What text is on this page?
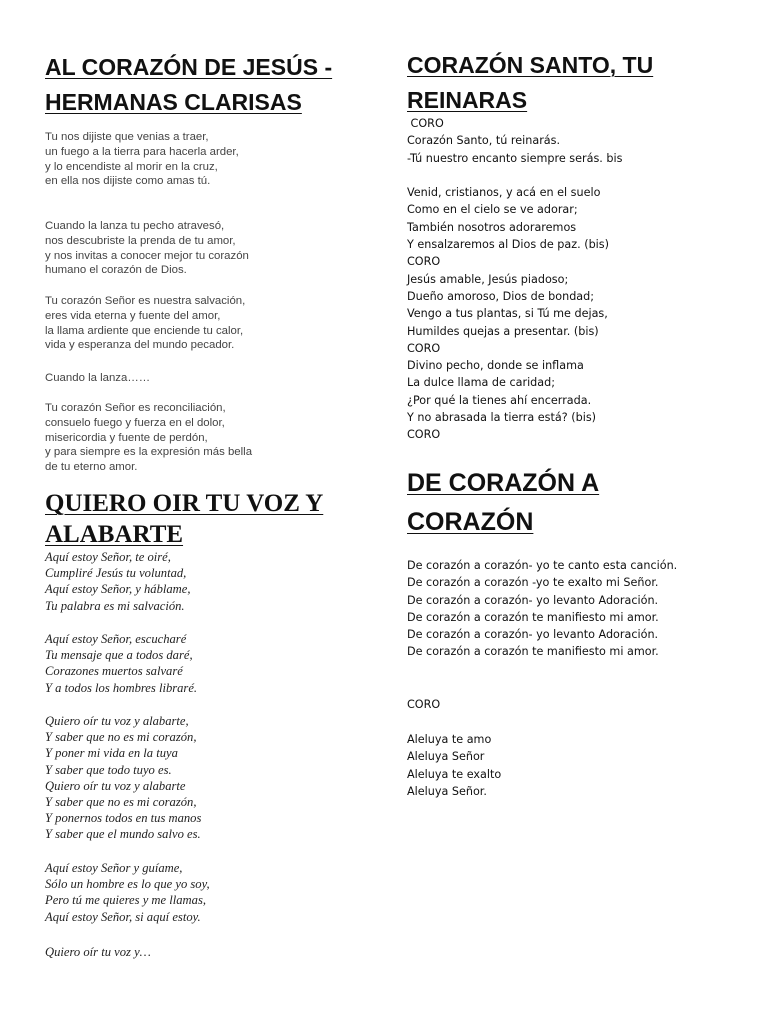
AL CORAZÓN DE JESÚS -
HERMANAS CLARISAS
Tu nos dijiste que venias a traer,
un fuego a la tierra para hacerla arder,
y lo encendiste al morir en la cruz,
en ella nos dijiste como amas tú.
Cuando la lanza tu pecho atravesó,
nos descubriste la prenda de tu amor,
y nos invitas a conocer mejor tu corazón
humano el corazón de Dios.
Tu corazón Señor es nuestra salvación,
eres vida eterna y fuente del amor,
la llama ardiente que enciende tu calor,
vida y esperanza del mundo pecador.
Cuando la lanza……
Tu corazón Señor es reconciliación,
consuelo fuego y fuerza en el dolor,
misericordia y fuente de perdón,
y para siempre es la expresión más bella
de tu eterno amor.
QUIERO OIR TU VOZ Y
ALABARTE
Aquí estoy Señor, te oiré,
Cumpliré Jesús tu voluntad,
Aquí estoy Señor, y háblame,
Tu palabra es mi salvación.
Aquí estoy Señor, escucharé
Tu mensaje que a todos daré,
Corazones muertos salvaré
Y a todos los hombres libraré.
Quiero oír tu voz y alabarte,
Y saber que no es mi corazón,
Y poner mi vida en la tuya
Y saber que todo tuyo es.
Quiero oír tu voz y alabarte
Y saber que no es mi corazón,
Y ponernos todos en tus manos
Y saber que el mundo salvo es.
Aquí estoy Señor y guíame,
Sólo un hombre es lo que yo soy,
Pero tú me quieres y me llamas,
Aquí estoy Señor, si aquí estoy.
Quiero oír tu voz y…
CORAZÓN SANTO, TU
REINARAS
CORO
Corazón Santo, tú reinarás.
-Tú nuestro encanto siempre serás. bis
Venid, cristianos, y acá en el suelo
Como en el cielo se ve adorar;
También nosotros adoraremos
Y ensalzaremos al Dios de paz. (bis)
CORO
Jesús amable, Jesús piadoso;
Dueño amoroso, Dios de bondad;
Vengo a tus plantas, si Tú me dejas,
Humildes quejas a presentar. (bis)
CORO
Divino pecho, donde se inflama
La dulce llama de caridad;
¿Por qué la tienes ahí encerrada.
Y no abrasada la tierra está? (bis)
CORO
DE CORAZÓN A
CORAZÓN
De corazón a corazón- yo te canto esta canción.
De corazón a corazón -yo te exalto mi Señor.
De corazón a corazón- yo levanto Adoración.
De corazón a corazón te manifiesto mi amor.
De corazón a corazón- yo levanto Adoración.
De corazón a corazón te manifiesto mi amor.
CORO
Aleluya te amo
Aleluya Señor
Aleluya te exalto
Aleluya Señor.
